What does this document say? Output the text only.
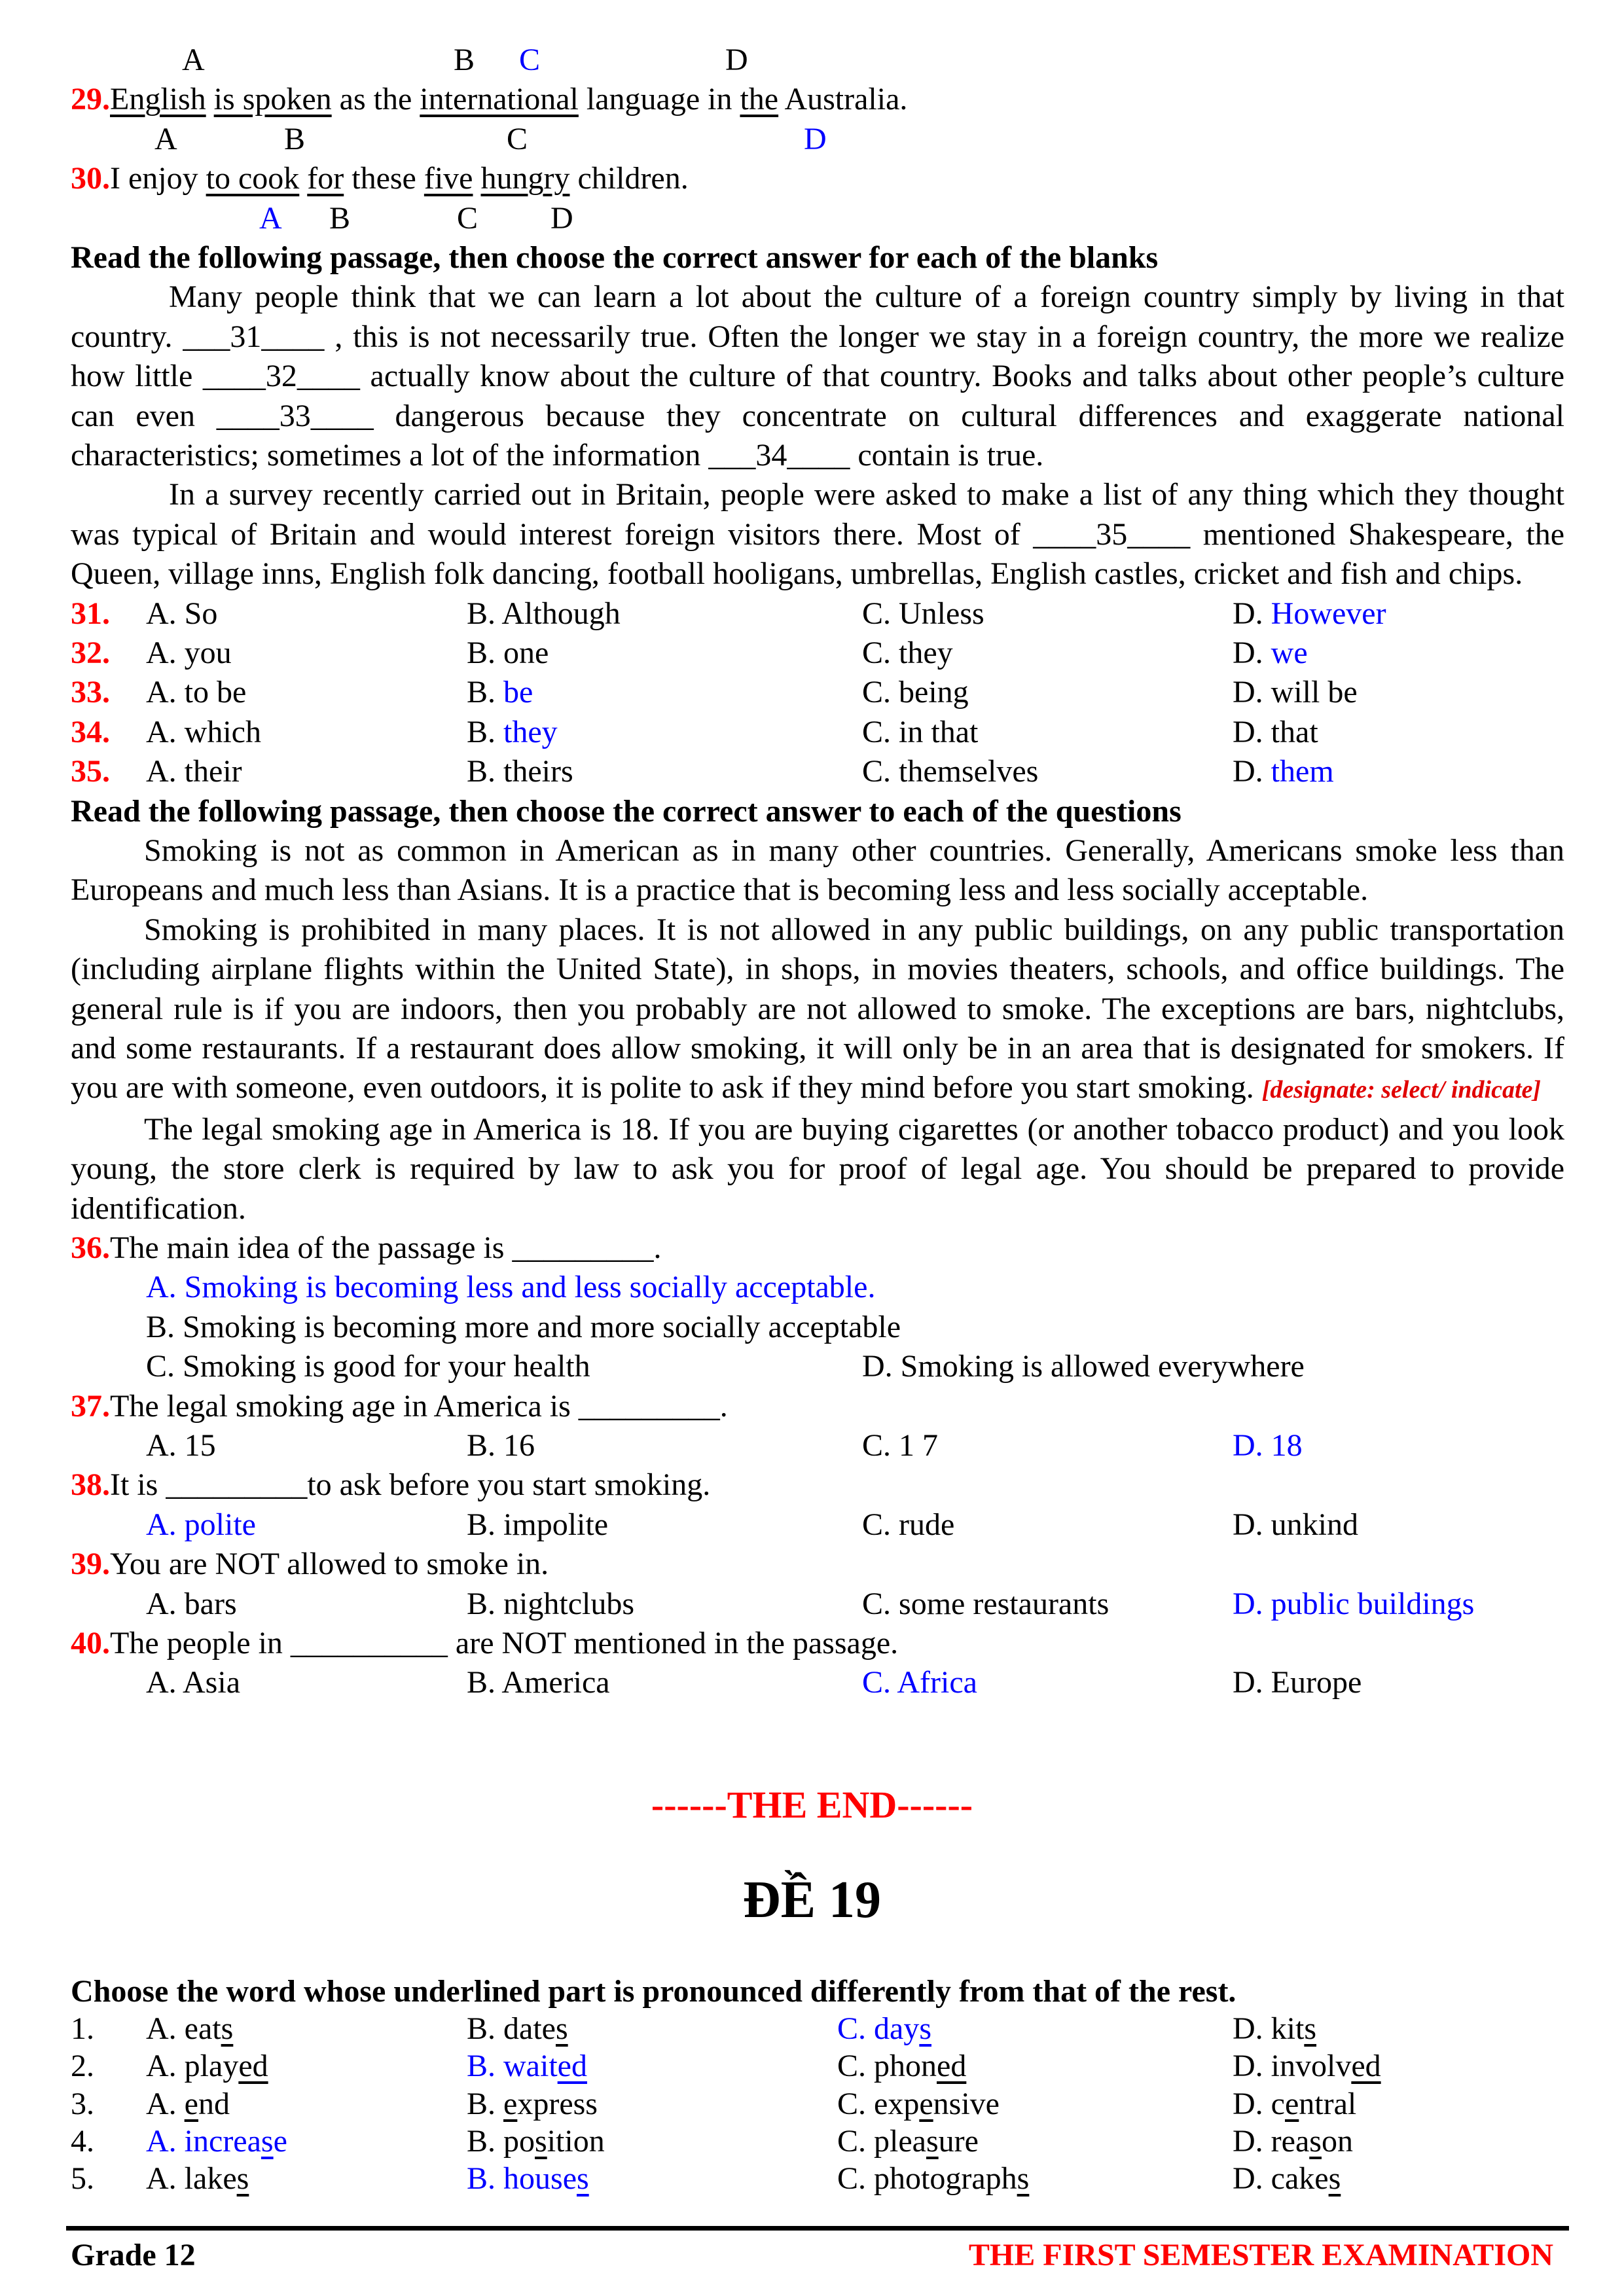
A	B C	D
29.English is spoken as the international language in the Australia.
A	B	C	D
30.I enjoy to cook for these five hungry children.
A B	C D
Read the following passage, then choose the correct answer for each of the blanks

Many people think that we can learn a lot about the culture of a foreign country simply by living in that country. ___31____ , this is not necessarily true. Often the longer we stay in a foreign country, the more we realize how little ____32____ actually know about the culture of that country. Books and talks about other people’s culture can even ____33____ dangerous because they concentrate on cultural differences and exaggerate national characteristics; sometimes a lot of the information ___34____ contain is true.

In a survey recently carried out in Britain, people were asked to make a list of any thing which they thought was typical of Britain and would interest foreign visitors there. Most of ____35____ mentioned Shakespeare, the Queen, village inns, English folk dancing, football hooligans, umbrellas, English castles, cricket and fish and chips.

31. A. So	B. Although	C. Unless	D. However
32. A. you	B. one	C. they	D. we
33. A. to be	B. be	C. being	D. will be
34. A. which	B. they	C. in that	D. that
35. A. their	B. theirs	C. themselves	D. them
Read the following passage, then choose the correct answer to each of the questions

Smoking is not as common in American as in many other countries. Generally, Americans smoke less than Europeans and much less than Asians. It is a practice that is becoming less and less socially acceptable.

Smoking is prohibited in many places. It is not allowed in any public buildings, on any public transportation (including airplane flights within the United State), in shops, in movies theaters, schools, and office buildings. The general rule is if you are indoors, then you probably are not allowed to smoke. The exceptions are bars, nightclubs, and some restaurants. If a restaurant does allow smoking, it will only be in an area that is designated for smokers. If you are with someone, even outdoors, it is polite to ask if they mind before you start smoking. [designate: select/ indicate]

The legal smoking age in America is 18. If you are buying cigarettes (or another tobacco product) and you look young, the store clerk is required by law to ask you for proof of legal age. You should be prepared to provide identification.

36.The main idea of the passage is _________.
A. Smoking is becoming less and less socially acceptable.
B. Smoking is becoming more and more socially acceptable
C. Smoking is good for your health	D. Smoking is allowed everywhere
37.The legal smoking age in America is _________.
A. 15	B. 16	C. 1 7	D. 18
38.It is _________to ask before you start smoking.
A. polite	B. impolite	C. rude	D. unkind
39.You are NOT allowed to smoke in.
A. bars	B. nightclubs	C. some restaurants	D. public buildings
40.The people in __________ are NOT mentioned in the passage.
A. Asia	B. America	C. Africa	D. Europe
------THE END------
ĐỀ 19
Choose the word whose underlined part is pronounced differently from that of the rest.
1. A. eats	B. dates	C. days	D. kits
2. A. played	B. waited	C. phoned	D. involved
3. A. end	B. express	C. expensive	D. central
4. A. increase	B. position	C. pleasure	D. reason
5. A. lakes	B. houses	C. photographs	D. cakes
Grade 12	THE FIRST SEMESTER EXAMINATION
